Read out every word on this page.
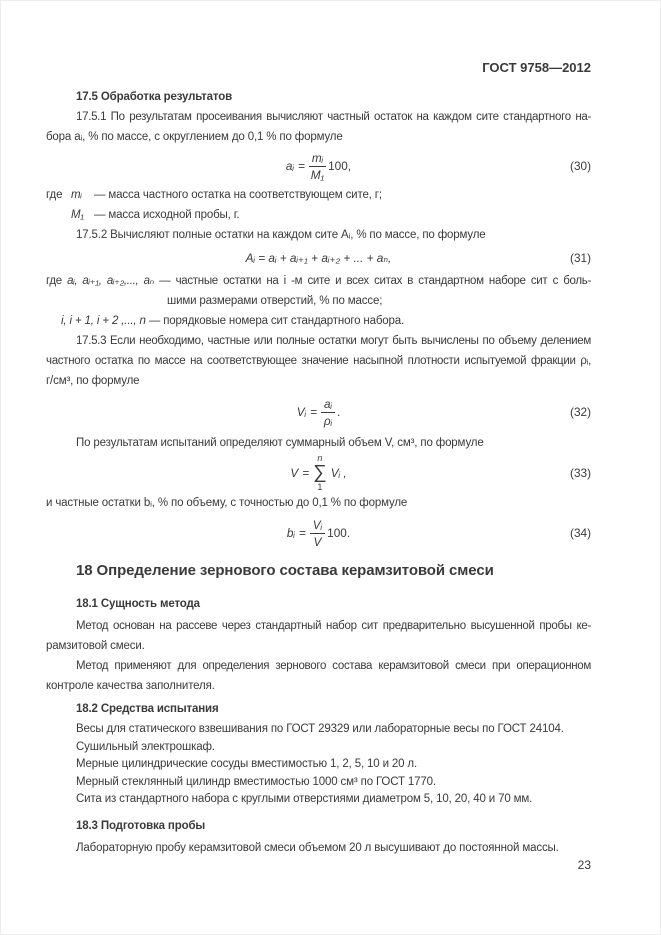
ГОСТ 9758—2012
17.5 Обработка результатов
17.5.1 По результатам просеивания вычисляют частный остаток на каждом сите стандартного на-
бора aᵢ, % по массе, с округлением до 0,1 % по формуле
aᵢ = $\frac{\text{mᵢ}}{\text{M₁}} 100$,	(30)
где mᵢ — масса частного остатка на соответствующем сите, г;
M₁ — масса исходной пробы, г.
17.5.2 Вычисляют полные остатки на каждом сите Aᵢ, % по массе, по формуле
Aᵢ = aᵢ + aᵢ₊₁ + aᵢ₊₂ + ... + aₙ,	(31)
где aᵢ, aᵢ₊₁, aᵢ₊₂,..., aₙ — частные остатки на i -м сите и всех ситах в стандартном наборе сит с боль-
шими размерами отверстий, % по массе;
i, i + 1, i + 2 ,..., n — порядковые номера сит стандартного набора.
17.5.3 Если необходимо, частные или полные остатки могут быть вычислены по объему делением
частного остатка по массе на соответствующее значение насыпной плотности испытуемой фракции ρᵢ,
г/см³, по формуле
Vᵢ = $\frac{\text{aᵢ}}{\text{ρᵢ}}$ .	(32)
По результатам испытаний определяют суммарный объем V, см³, по формуле
V =
n
∑
1
Vᵢ ,	(33)
и частные остатки bᵢ, % по объему, с точностью до 0,1 % по формуле
bᵢ = $\frac{\text{Vᵢ}}{V} 100$.	(34)
18 Определение зернового состава керамзитовой смеси
18.1 Сущность метода
Метод основан на рассеве через стандартный набор сит предварительно высушенной пробы ке-
рамзитовой смеси.
Метод применяют для определения зернового состава керамзитовой смеси при операционном
контроле качества заполнителя.
18.2 Средства испытания
Весы для статического взвешивания по ГОСТ 29329 или лабораторные весы по ГОСТ 24104.
Сушильный электрошкаф.
Мерные цилиндрические сосуды вместимостью 1, 2, 5, 10 и 20 л.
Мерный стеклянный цилиндр вместимостью 1000 см³ по ГОСТ 1770.
Сита из стандартного набора с круглыми отверстиями диаметром 5, 10, 20, 40 и 70 мм.
18.3 Подготовка пробы
Лабораторную пробу керамзитовой смеси объемом 20 л высушивают до постоянной массы.
23
